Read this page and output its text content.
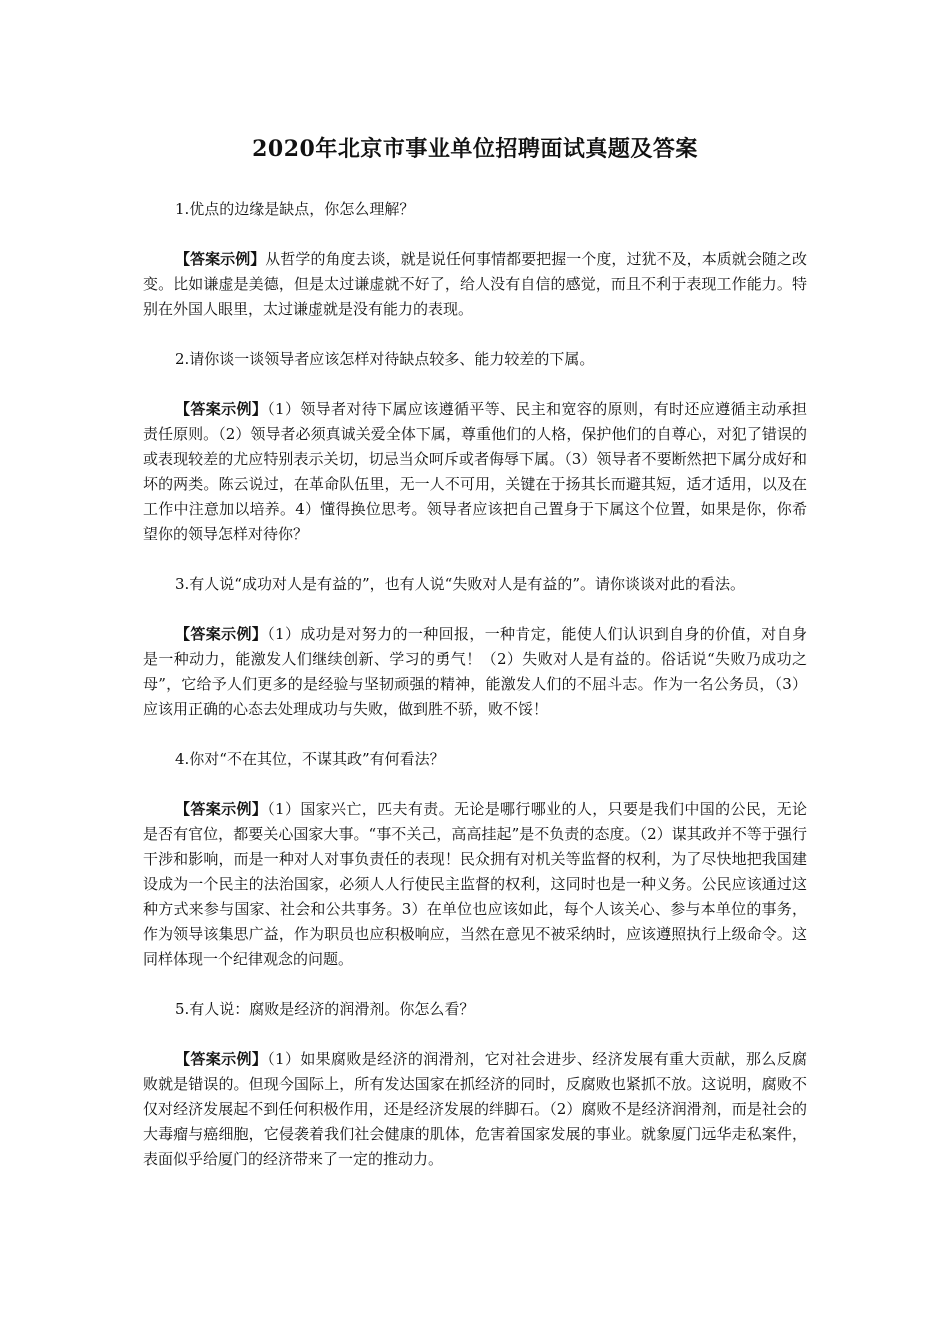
2020年北京市事业单位招聘面试真题及答案

1.优点的边缘是缺点，你怎么理解？

【答案示例】从哲学的角度去谈，就是说任何事情都要把握一个度，过犹不及，本质就会随之改变。比如谦虚是美德，但是太过谦虚就不好了，给人没有自信的感觉，而且不利于表现工作能力。特别在外国人眼里，太过谦虚就是没有能力的表现。

2.请你谈一谈领导者应该怎样对待缺点较多、能力较差的下属。

【答案示例】（1）领导者对待下属应该遵循平等、民主和宽容的原则，有时还应遵循主动承担责任原则。（2）领导者必须真诚关爱全体下属，尊重他们的人格，保护他们的自尊心，对犯了错误的或表现较差的尤应特别表示关切，切忌当众呵斥或者侮辱下属。（3）领导者不要断然把下属分成好和坏的两类。陈云说过，在革命队伍里，无一人不可用，关键在于扬其长而避其短，适才适用，以及在工作中注意加以培养。4）懂得换位思考。领导者应该把自己置身于下属这个位置，如果是你，你希望你的领导怎样对待你？

3.有人说“成功对人是有益的”，也有人说“失败对人是有益的”。请你谈谈对此的看法。

【答案示例】（1）成功是对努力的一种回报，一种肯定，能使人们认识到自身的价值，对自身是一种动力，能激发人们继续创新、学习的勇气！（2）失败对人是有益的。俗话说“失败乃成功之母”，它给予人们更多的是经验与坚韧顽强的精神，能激发人们的不屈斗志。作为一名公务员，（3）应该用正确的心态去处理成功与失败，做到胜不骄，败不馁！

4.你对“不在其位，不谋其政”有何看法？

【答案示例】（1）国家兴亡，匹夫有责。无论是哪行哪业的人，只要是我们中国的公民，无论是否有官位，都要关心国家大事。“事不关己，高高挂起”是不负责的态度。（2）谋其政并不等于强行干涉和影响，而是一种对人对事负责任的表现！民众拥有对机关等监督的权利，为了尽快地把我国建设成为一个民主的法治国家，必须人人行使民主监督的权利，这同时也是一种义务。公民应该通过这种方式来参与国家、社会和公共事务。3）在单位也应该如此，每个人该关心、参与本单位的事务，作为领导该集思广益，作为职员也应积极响应，当然在意见不被采纳时，应该遵照执行上级命令。这同样体现一个纪律观念的问题。

5.有人说：腐败是经济的润滑剂。你怎么看？

【答案示例】（1）如果腐败是经济的润滑剂，它对社会进步、经济发展有重大贡献，那么反腐败就是错误的。但现今国际上，所有发达国家在抓经济的同时，反腐败也紧抓不放。这说明，腐败不仅对经济发展起不到任何积极作用，还是经济发展的绊脚石。（2）腐败不是经济润滑剂，而是社会的大毒瘤与癌细胞，它侵袭着我们社会健康的肌体，危害着国家发展的事业。就象厦门远华走私案件，表面似乎给厦门的经济带来了一定的推动力。
